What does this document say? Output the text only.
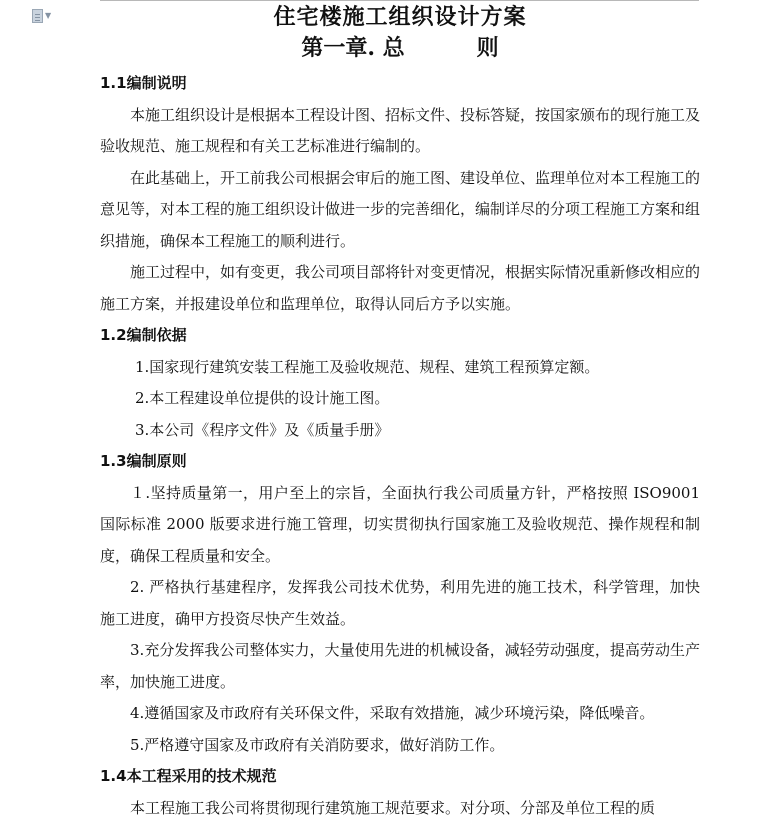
▼	住宅楼施工组织设计方案
第一章. 总	则
1.1编制说明

本施工组织设计是根据本工程设计图、招标文件、投标答疑，按国家颁布的现行施工及验收规范、施工规程和有关工艺标准进行编制的。

在此基础上，开工前我公司根据会审后的施工图、建设单位、监理单位对本工程施工的意见等，对本工程的施工组织设计做进一步的完善细化，编制详尽的分项工程施工方案和组织措施，确保本工程施工的顺利进行。

施工过程中，如有变更，我公司项目部将针对变更情况，根据实际情况重新修改相应的施工方案，并报建设单位和监理单位，取得认同后方予以实施。

1.2编制依据

1.国家现行建筑安装工程施工及验收规范、规程、建筑工程预算定额。

2.本工程建设单位提供的设计施工图。

3.本公司《程序文件》及《质量手册》

1.3编制原则

１.坚持质量第一，用户至上的宗旨，全面执行我公司质量方针，严格按照 ISO9001 国际标准 2000 版要求进行施工管理，切实贯彻执行国家施工及验收规范、操作规程和制度，确保工程质量和安全。

2. 严格执行基建程序，发挥我公司技术优势，利用先进的施工技术，科学管理，加快施工进度，确甲方投资尽快产生效益。

3.充分发挥我公司整体实力，大量使用先进的机械设备，减轻劳动强度，提高劳动生产率，加快施工进度。

4.遵循国家及市政府有关环保文件，采取有效措施，减少环境污染，降低噪音。

5.严格遵守国家及市政府有关消防要求，做好消防工作。

1.4本工程采用的技术规范

本工程施工我公司将贯彻现行建筑施工规范要求。对分项、分部及单位工程的质
